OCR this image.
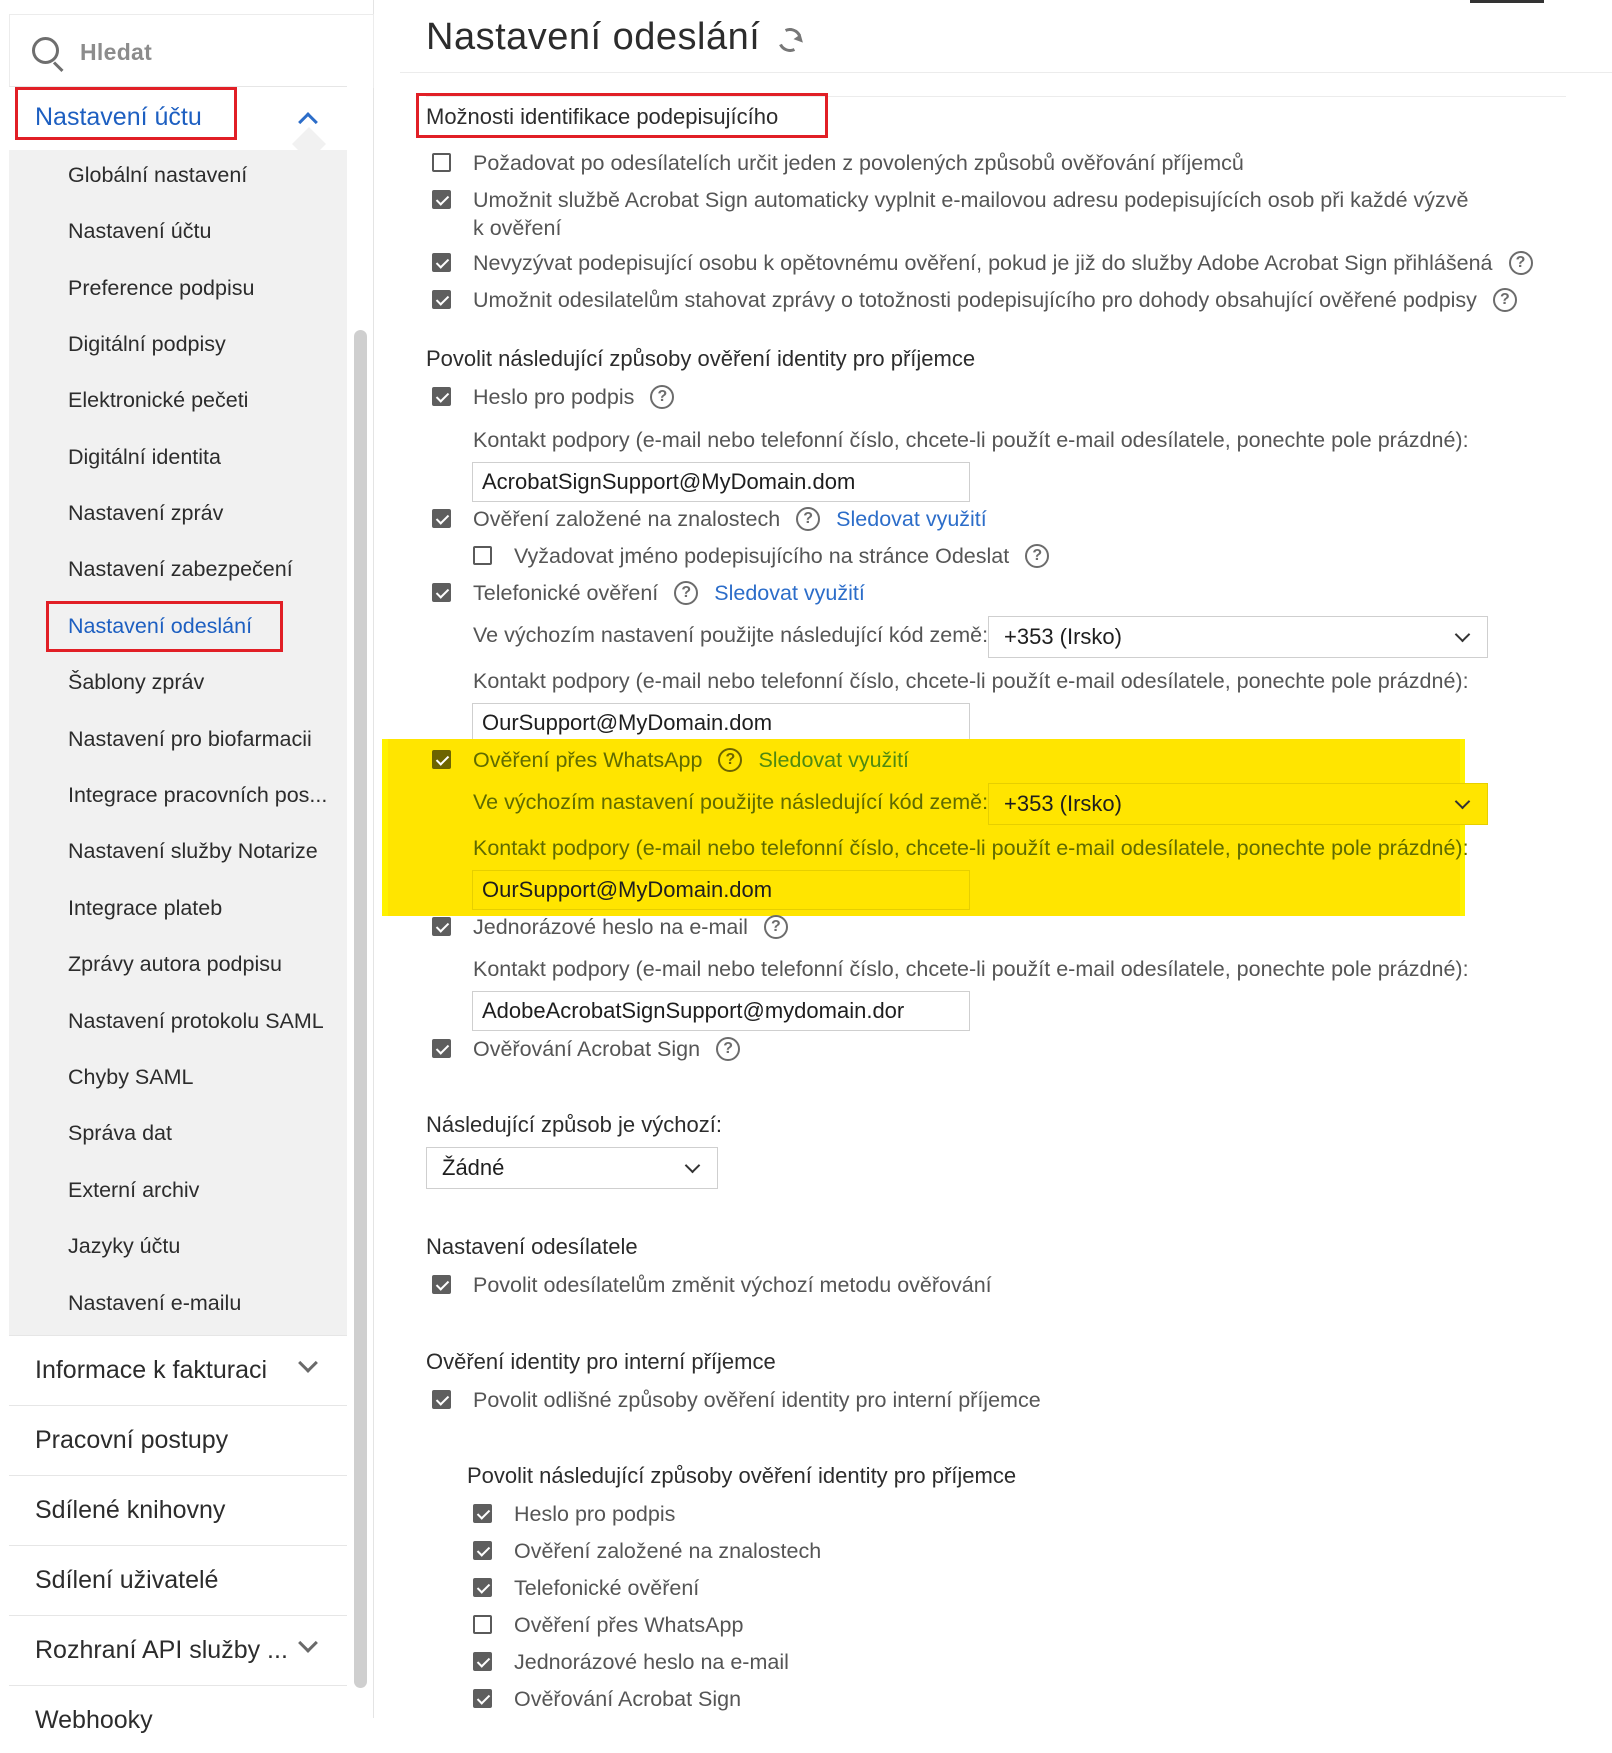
Hledat
Nastavení účtu
Globální nastavení
Nastavení účtu
Preference podpisu
Digitální podpisy
Elektronické pečeti
Digitální identita
Nastavení zpráv
Nastavení zabezpečení
Nastavení odeslání
Šablony zpráv
Nastavení pro biofarmacii
Integrace pracovních pos...
Nastavení služby Notarize
Integrace plateb
Zprávy autora podpisu
Nastavení protokolu SAML
Chyby SAML
Správa dat
Externí archiv
Jazyky účtu
Nastavení e-mailu
Informace k fakturaci
Pracovní postupy
Sdílené knihovny
Sdílení uživatelé
Rozhraní API služby ...
Webhooky
Nastavení odeslání
Možnosti identifikace podepisujícího
Požadovat po odesílatelích určit jeden z povolených způsobů ověřování příjemců
Umožnit službě Acrobat Sign automaticky vyplnit e-mailovou adresu podepisujících osob při každé výzvě
k ověření
Nevyzývat podepisující osobu k opětovnému ověření, pokud je již do služby Adobe Acrobat Sign přihlášená	?
Umožnit odesilatelům stahovat zprávy o totožnosti podepisujícího pro dohody obsahující ověřené podpisy	?
Povolit následující způsoby ověření identity pro příjemce
Heslo pro podpis	?
Kontakt podpory (e-mail nebo telefonní číslo, chcete-li použít e-mail odesílatele, ponechte pole prázdné):
AcrobatSignSupport@MyDomain.dom
Ověření založené na znalostech	?	Sledovat využití
Vyžadovat jméno podepisujícího na stránce Odeslat	?
Telefonické ověření	?	Sledovat využití
Ve výchozím nastavení použijte následující kód země: +353 (Irsko)
Kontakt podpory (e-mail nebo telefonní číslo, chcete-li použít e-mail odesílatele, ponechte pole prázdné):
OurSupport@MyDomain.dom
Ověření přes WhatsApp	?	Sledovat využití
Ve výchozím nastavení použijte následující kód země: +353 (Irsko)
Kontakt podpory (e-mail nebo telefonní číslo, chcete-li použít e-mail odesílatele, ponechte pole prázdné):
OurSupport@MyDomain.dom
Jednorázové heslo na e-mail	?
Kontakt podpory (e-mail nebo telefonní číslo, chcete-li použít e-mail odesílatele, ponechte pole prázdné):
AdobeAcrobatSignSupport@mydomain.dor
Ověřování Acrobat Sign	?
Následující způsob je výchozí:
Žádné
Nastavení odesílatele
Povolit odesílatelům změnit výchozí metodu ověřování
Ověření identity pro interní příjemce
Povolit odlišné způsoby ověření identity pro interní příjemce
Povolit následující způsoby ověření identity pro příjemce
Heslo pro podpis
Ověření založené na znalostech
Telefonické ověření
Ověření přes WhatsApp
Jednorázové heslo na e-mail
Ověřování Acrobat Sign
